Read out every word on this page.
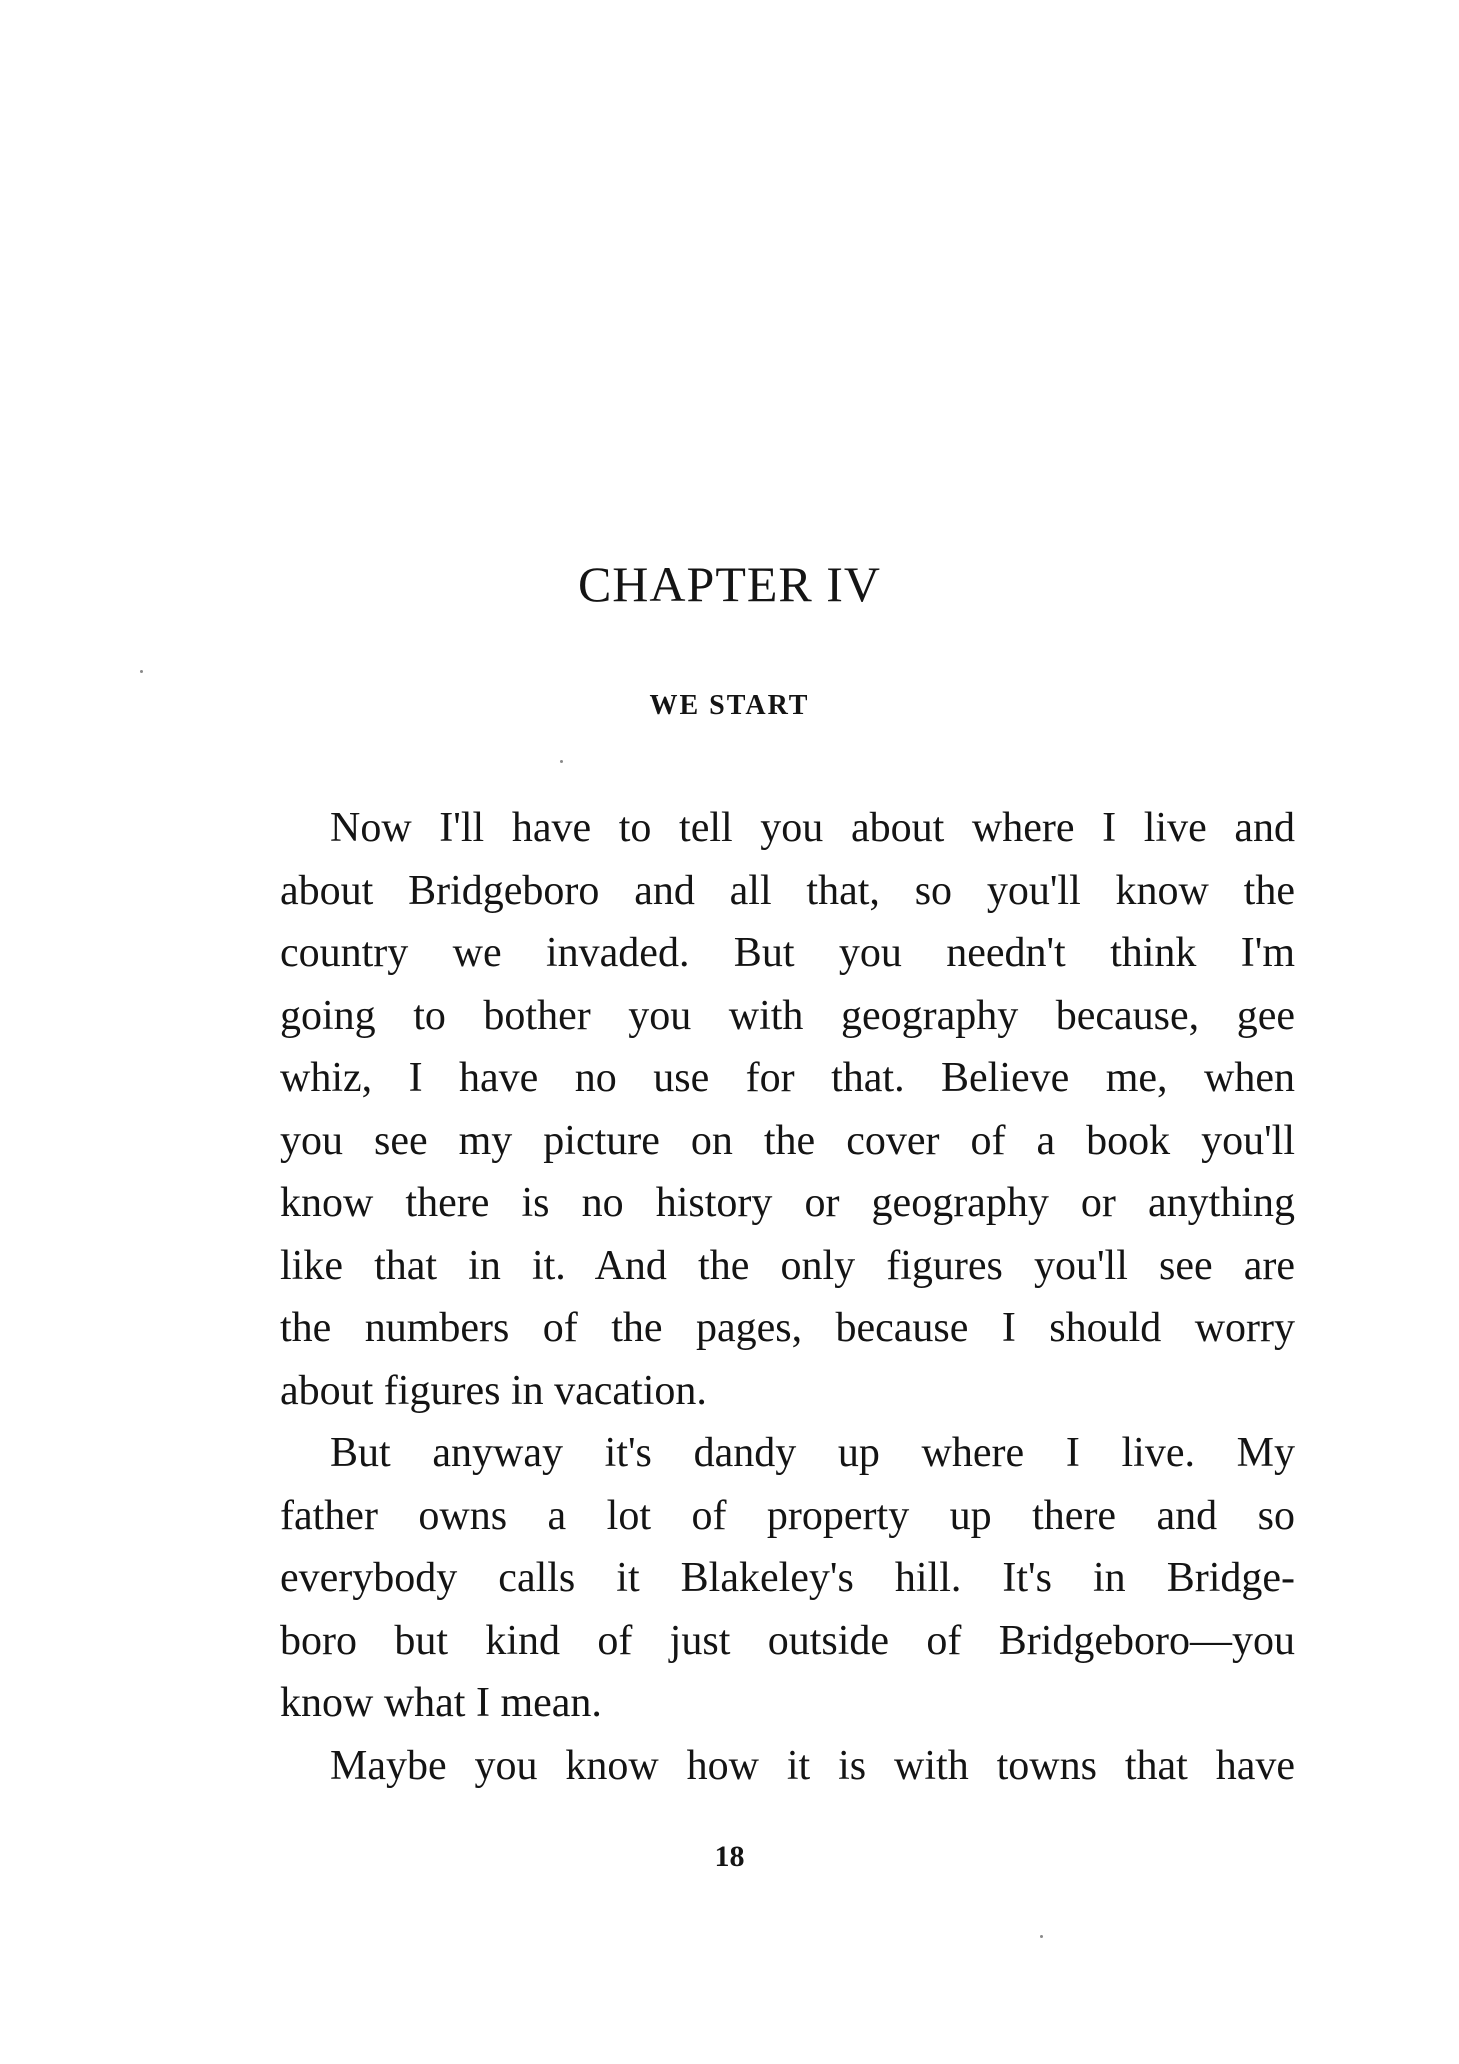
CHAPTER IV
WE START

Now I'll have to tell you about where I live and
about Bridgeboro and all that, so you'll know the
country we invaded. But you needn't think I'm
going to bother you with geography because, gee
whiz, I have no use for that. Believe me, when
you see my picture on the cover of a book you'll
know there is no history or geography or anything
like that in it. And the only figures you'll see are
the numbers of the pages, because I should worry
about figures in vacation.

But anyway it's dandy up where I live. My
father owns a lot of property up there and so
everybody calls it Blakeley's hill. It's in Bridge-
boro but kind of just outside of Bridgeboro—you
know what I mean.

Maybe you know how it is with towns that have

18
